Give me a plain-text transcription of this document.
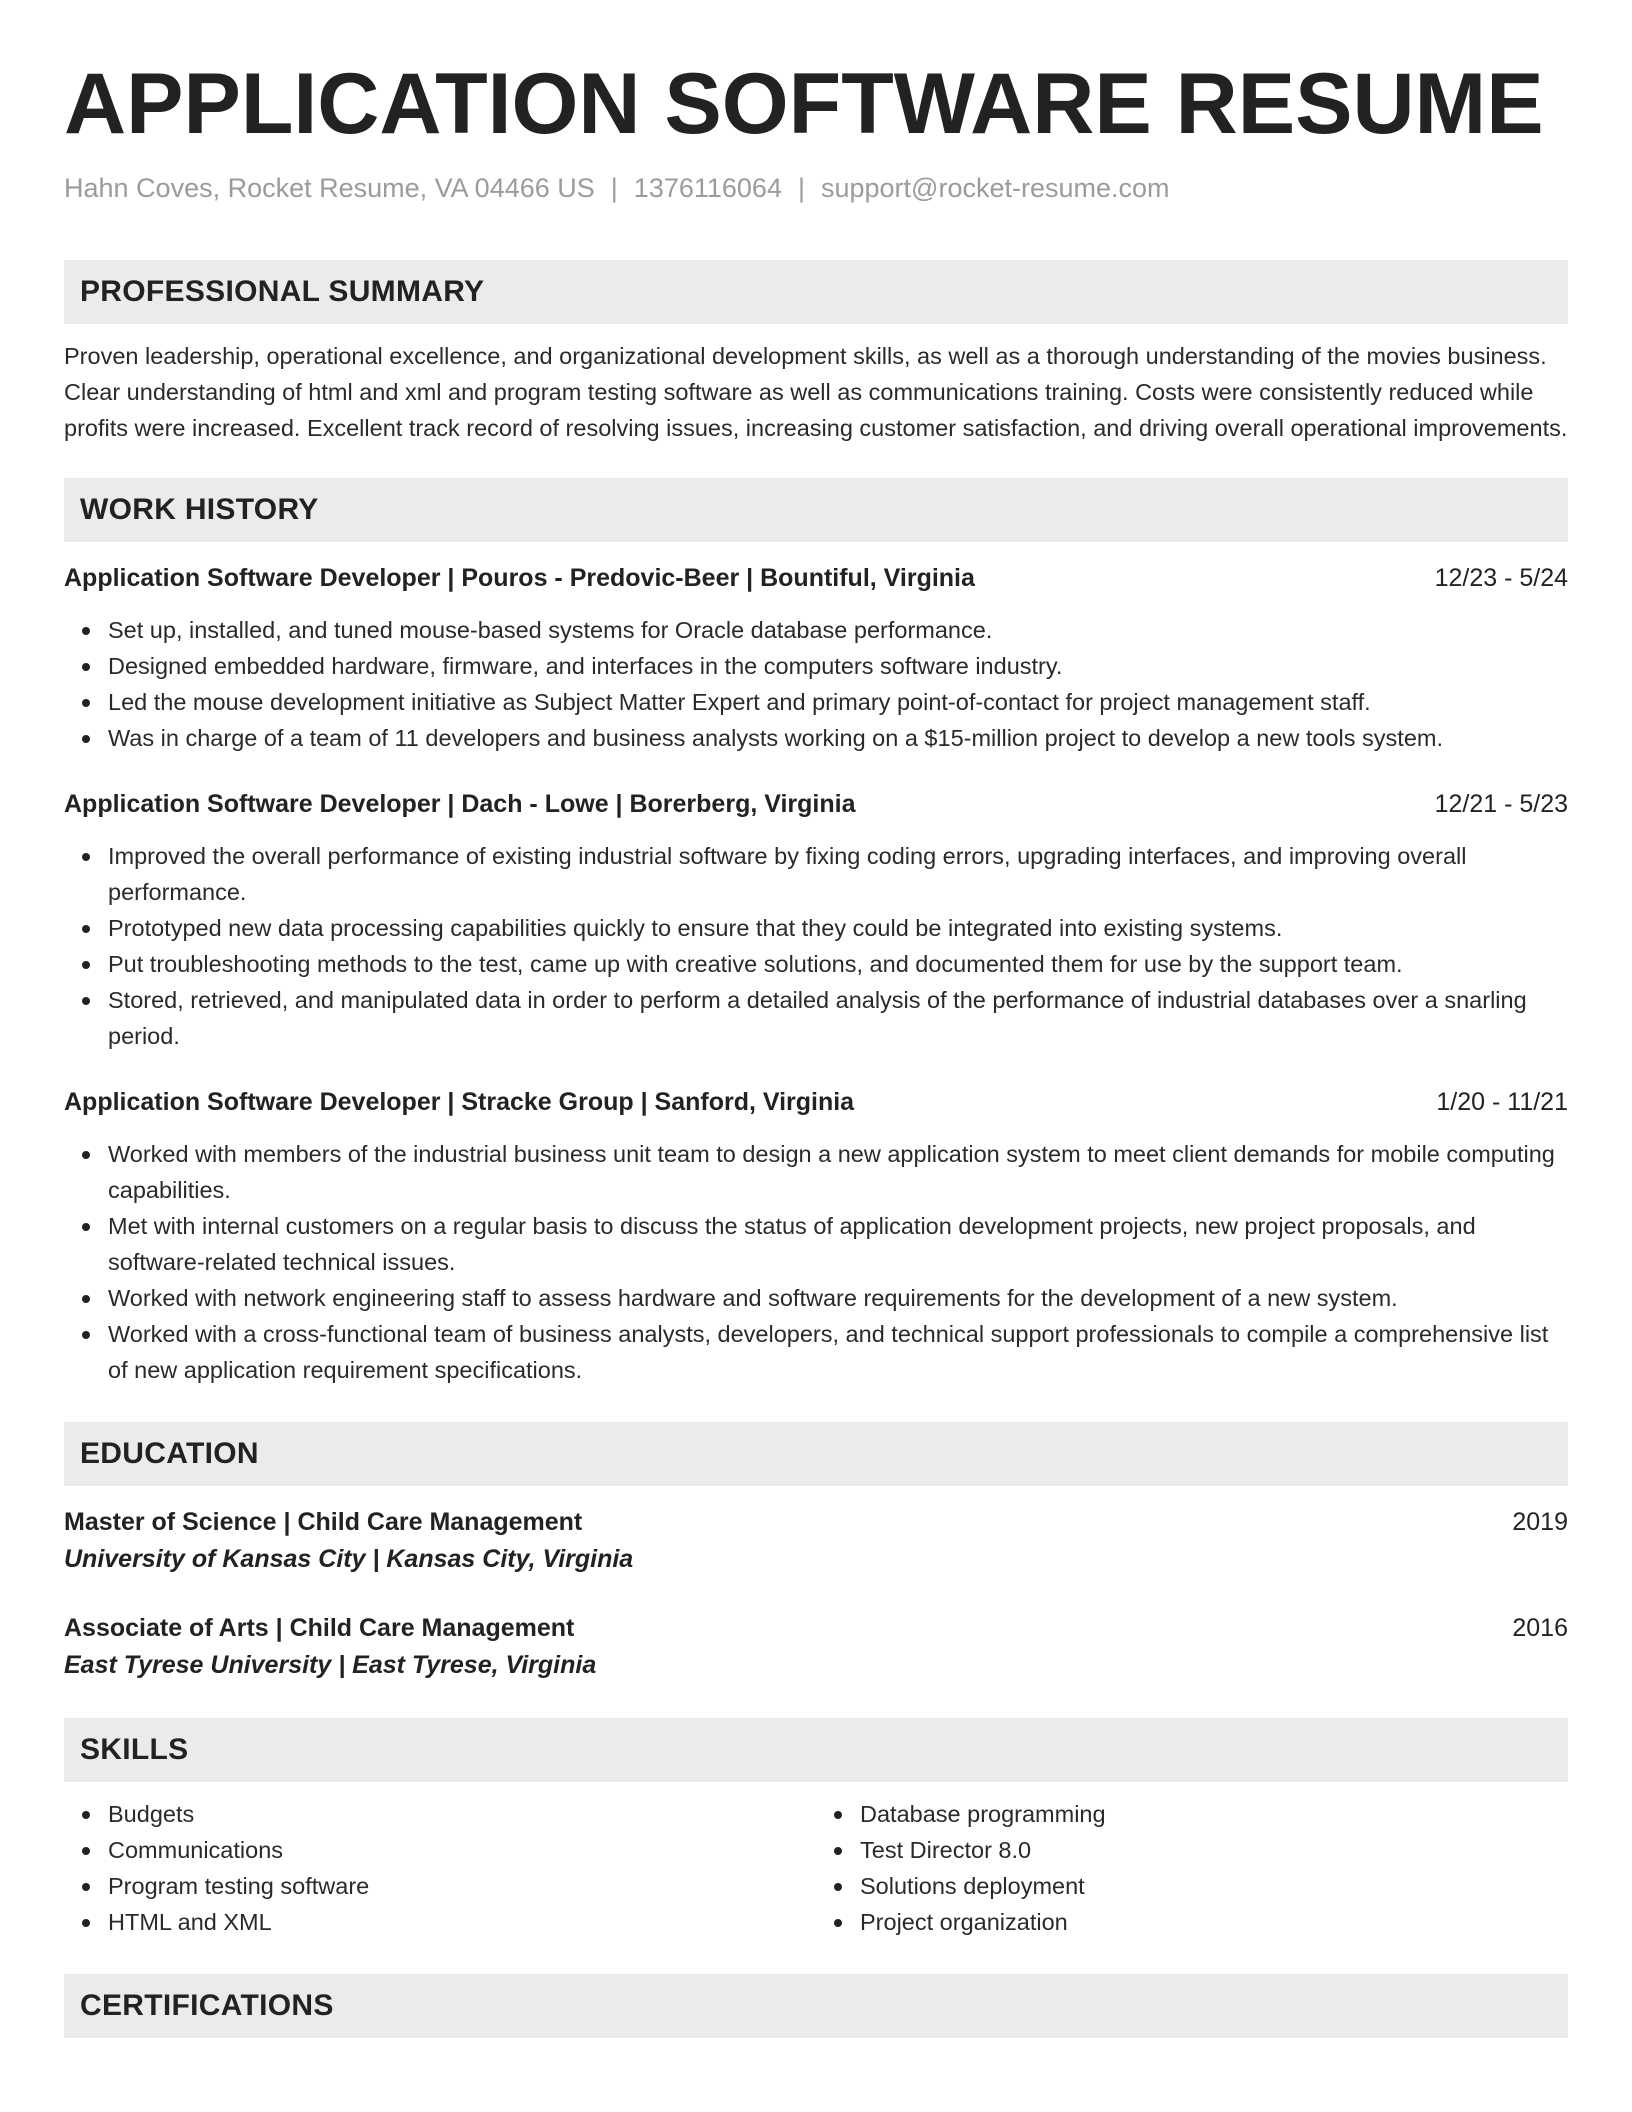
APPLICATION SOFTWARE RESUME
Hahn Coves, Rocket Resume, VA 04466 US | 1376116064 | support@rocket-resume.com
PROFESSIONAL SUMMARY

Proven leadership, operational excellence, and organizational development skills, as well as a thorough understanding of the movies business. Clear understanding of html and xml and program testing software as well as communications training. Costs were consistently reduced while profits were increased. Excellent track record of resolving issues, increasing customer satisfaction, and driving overall operational improvements.

WORK HISTORY
Application Software Developer | Pouros - Predovic-Beer | Bountiful, Virginia	12/23 - 5/24
Set up, installed, and tuned mouse-based systems for Oracle database performance.
Designed embedded hardware, firmware, and interfaces in the computers software industry.
Led the mouse development initiative as Subject Matter Expert and primary point-of-contact for project management staff.
Was in charge of a team of 11 developers and business analysts working on a $15-million project to develop a new tools system.
Application Software Developer | Dach - Lowe | Borerberg, Virginia	12/21 - 5/23
Improved the overall performance of existing industrial software by fixing coding errors, upgrading interfaces, and improving overall performance.
Prototyped new data processing capabilities quickly to ensure that they could be integrated into existing systems.
Put troubleshooting methods to the test, came up with creative solutions, and documented them for use by the support team.
Stored, retrieved, and manipulated data in order to perform a detailed analysis of the performance of industrial databases over a snarling period.
Application Software Developer | Stracke Group | Sanford, Virginia	1/20 - 11/21
Worked with members of the industrial business unit team to design a new application system to meet client demands for mobile computing capabilities.
Met with internal customers on a regular basis to discuss the status of application development projects, new project proposals, and software-related technical issues.
Worked with network engineering staff to assess hardware and software requirements for the development of a new system.
Worked with a cross-functional team of business analysts, developers, and technical support professionals to compile a comprehensive list of new application requirement specifications.
EDUCATION
Master of Science | Child Care Management	2019
University of Kansas City | Kansas City, Virginia
Associate of Arts | Child Care Management	2016
East Tyrese University | East Tyrese, Virginia
SKILLS
Budgets
Communications
Program testing software
HTML and XML
Database programming
Test Director 8.0
Solutions deployment
Project organization
CERTIFICATIONS
